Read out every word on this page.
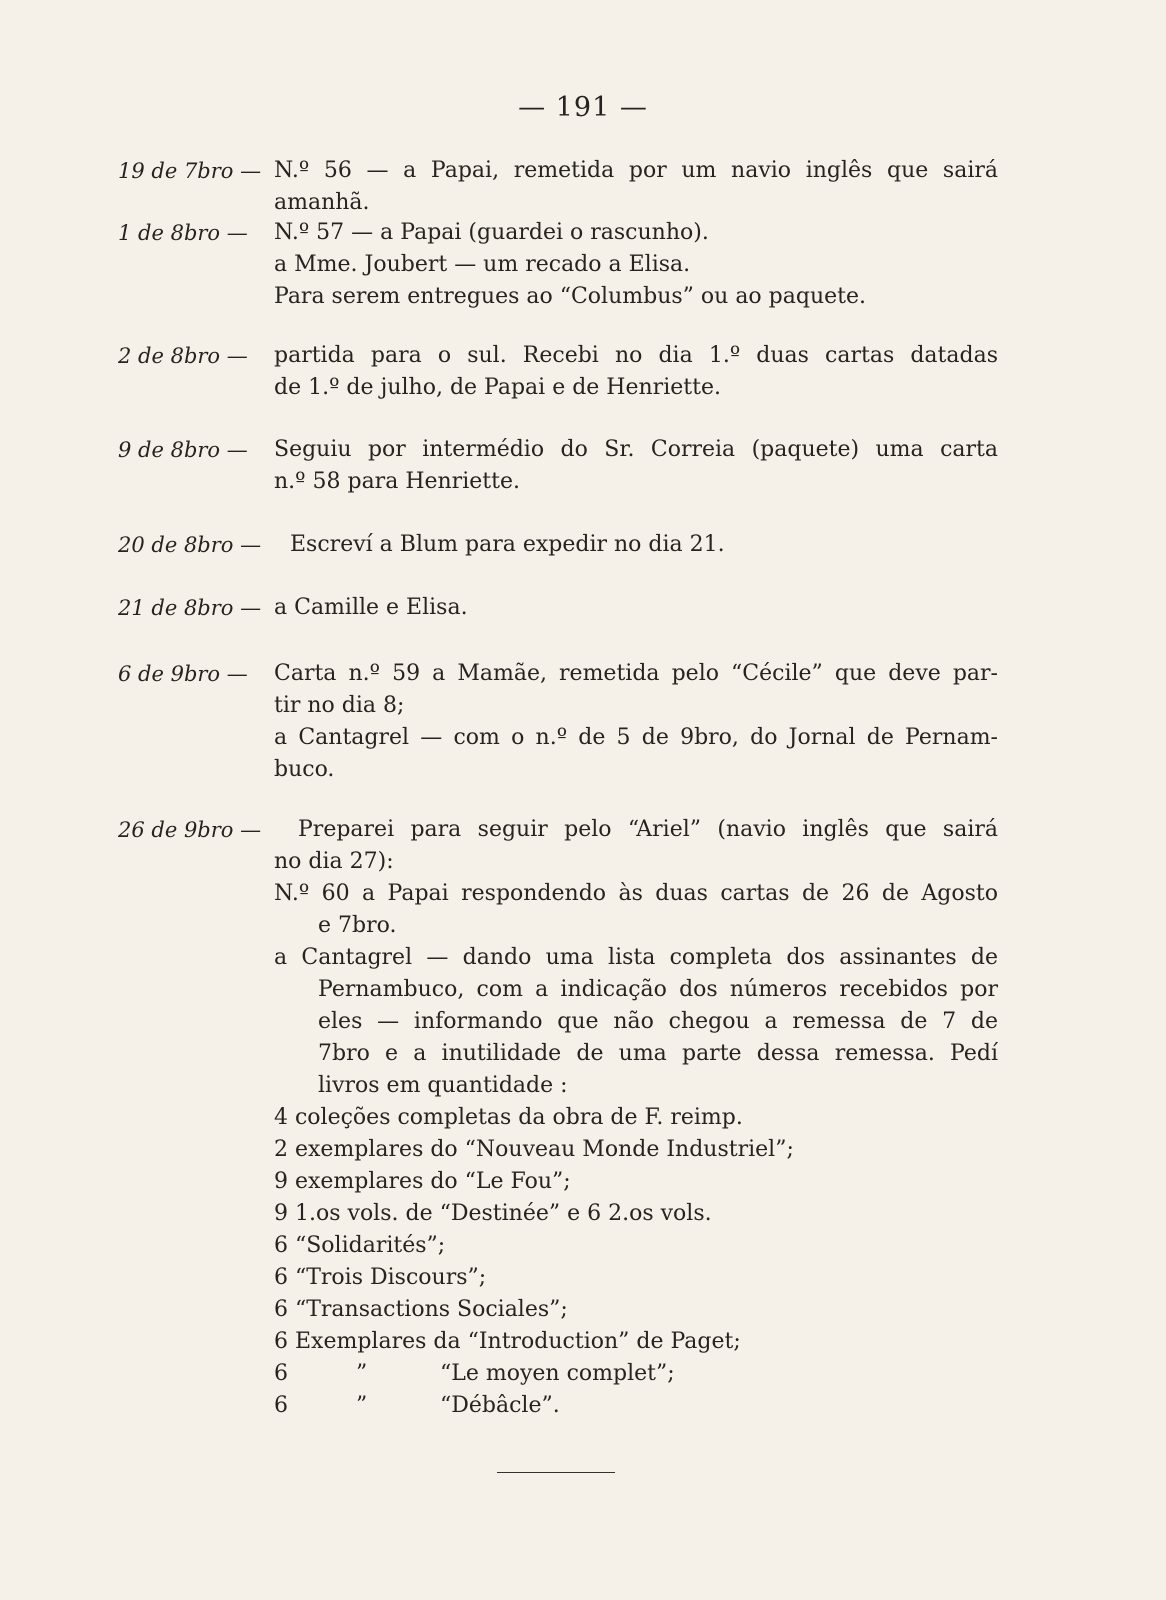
— 191 —
19 de 7bro — N.º 56 — a Papai, remetida por um navio inglês que sairá
amanhã.
1 de 8bro — N.º 57 — a Papai (guardei o rascunho).
a Mme. Joubert — um recado a Elisa.
Para serem entregues ao “Columbus” ou ao paquete.
2 de 8bro — partida para o sul. Recebi no dia 1.º duas cartas datadas
de 1.º de julho, de Papai e de Henriette.
9 de 8bro — Seguiu por intermédio do Sr. Correia (paquete) uma carta
n.º 58 para Henriette.
20 de 8bro — Escreví a Blum para expedir no dia 21.
21 de 8bro — a Camille e Elisa.
6 de 9bro — Carta n.º 59 a Mamãe, remetida pelo “Cécile” que deve par-
tir no dia 8;
a Cantagrel — com o n.º de 5 de 9bro, do Jornal de Pernam-
buco.
26 de 9bro — Preparei para seguir pelo “Ariel” (navio inglês que sairá
no dia 27):
N.º 60 a Papai respondendo às duas cartas de 26 de Agosto
e 7bro.
a Cantagrel — dando uma lista completa dos assinantes de
Pernambuco, com a indicação dos números recebidos por
eles — informando que não chegou a remessa de 7 de
7bro e a inutilidade de uma parte dessa remessa. Pedí
livros em quantidade :
4 coleções completas da obra de F. reimp.
2 exemplares do “Nouveau Monde Industriel”;
9 exemplares do “Le Fou”;
9 1.os vols. de “Destinée” e 6 2.os vols.
6 “Solidarités”;
6 “Trois Discours”;
6 “Transactions Sociales”;
6 Exemplares da “Introduction” de Paget;
6	”	“Le moyen complet”;
6	”	“Débâcle”.
